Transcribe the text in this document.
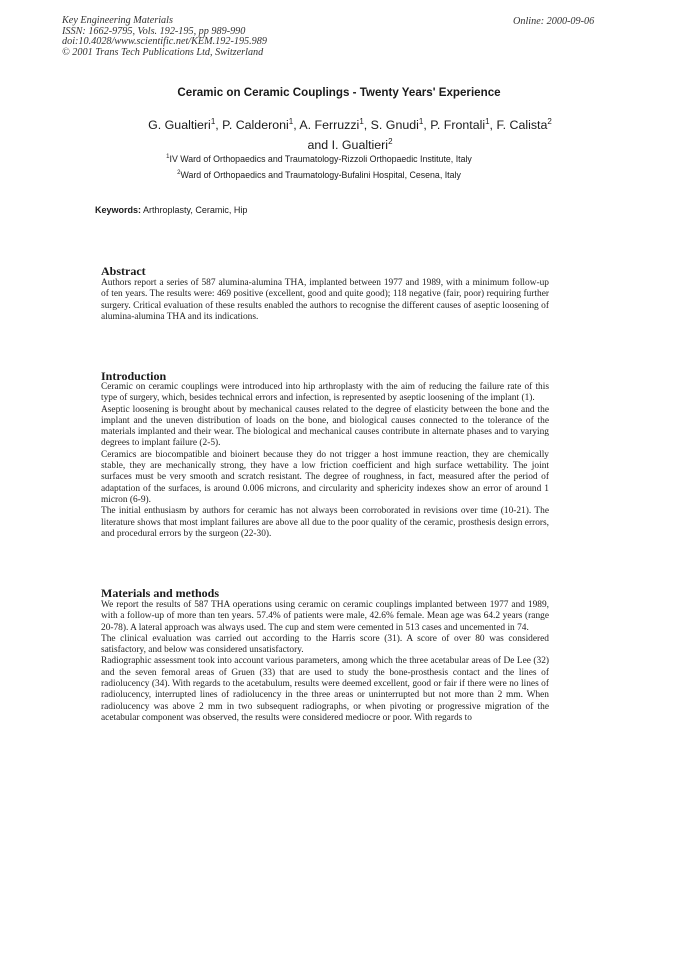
Key Engineering Materials
ISSN: 1662-9795, Vols. 192-195, pp 989-990
doi:10.4028/www.scientific.net/KEM.192-195.989
© 2001 Trans Tech Publications Ltd, Switzerland
Online: 2000-09-06
Ceramic on Ceramic Couplings - Twenty Years' Experience
G. Gualtieri$^1$, P. Calderoni$^1$, A. Ferruzzi$^1$, S. Gnudi$^1$, P. Frontali$^1$, F. Calista$^2$
and I. Gualtieri$^2$
$^1$IV Ward of Orthopaedics and Traumatology-Rizzoli Orthopaedic Institute, Italy
$^2$Ward of Orthopaedics and Traumatology-Bufalini Hospital, Cesena, Italy
Keywords: Arthroplasty, Ceramic, Hip
Abstract

Authors report a series of 587 alumina-alumina THA, implanted between 1977 and 1989, with a minimum follow-up of ten years. The results were: 469 positive (excellent, good and quite good); 118 negative (fair, poor) requiring further surgery. Critical evaluation of these results enabled the authors to recognise the different causes of aseptic loosening of alumina-alumina THA and its indications.

Introduction

Ceramic on ceramic couplings were introduced into hip arthroplasty with the aim of reducing the failure rate of this type of surgery, which, besides technical errors and infection, is represented by aseptic loosening of the implant (1).

Aseptic loosening is brought about by mechanical causes related to the degree of elasticity between the bone and the implant and the uneven distribution of loads on the bone, and biological causes connected to the tolerance of the materials implanted and their wear. The biological and mechanical causes contribute in alternate phases and to varying degrees to implant failure (2-5).

Ceramics are biocompatible and bioinert because they do not trigger a host immune reaction, they are chemically stable, they are mechanically strong, they have a low friction coefficient and high surface wettability. The joint surfaces must be very smooth and scratch resistant. The degree of roughness, in fact, measured after the period of adaptation of the surfaces, is around 0.006 microns, and circularity and sphericity indexes show an error of around 1 micron (6-9).

The initial enthusiasm by authors for ceramic has not always been corroborated in revisions over time (10-21). The literature shows that most implant failures are above all due to the poor quality of the ceramic, prosthesis design errors, and procedural errors by the surgeon (22-30).

Materials and methods

We report the results of 587 THA operations using ceramic on ceramic couplings implanted between 1977 and 1989, with a follow-up of more than ten years. 57.4% of patients were male, 42.6% female. Mean age was 64.2 years (range 20-78). A lateral approach was always used. The cup and stem were cemented in 513 cases and uncemented in 74.

The clinical evaluation was carried out according to the Harris score (31). A score of over 80 was considered satisfactory, and below was considered unsatisfactory.

Radiographic assessment took into account various parameters, among which the three acetabular areas of De Lee (32) and the seven femoral areas of Gruen (33) that are used to study the bone-prosthesis contact and the lines of radiolucency (34). With regards to the acetabulum, results were deemed excellent, good or fair if there were no lines of radiolucency, interrupted lines of radiolucency in the three areas or uninterrupted but not more than 2 mm. When radiolucency was above 2 mm in two subsequent radiographs, or when pivoting or progressive migration of the acetabular component was observed, the results were considered mediocre or poor. With regards to
